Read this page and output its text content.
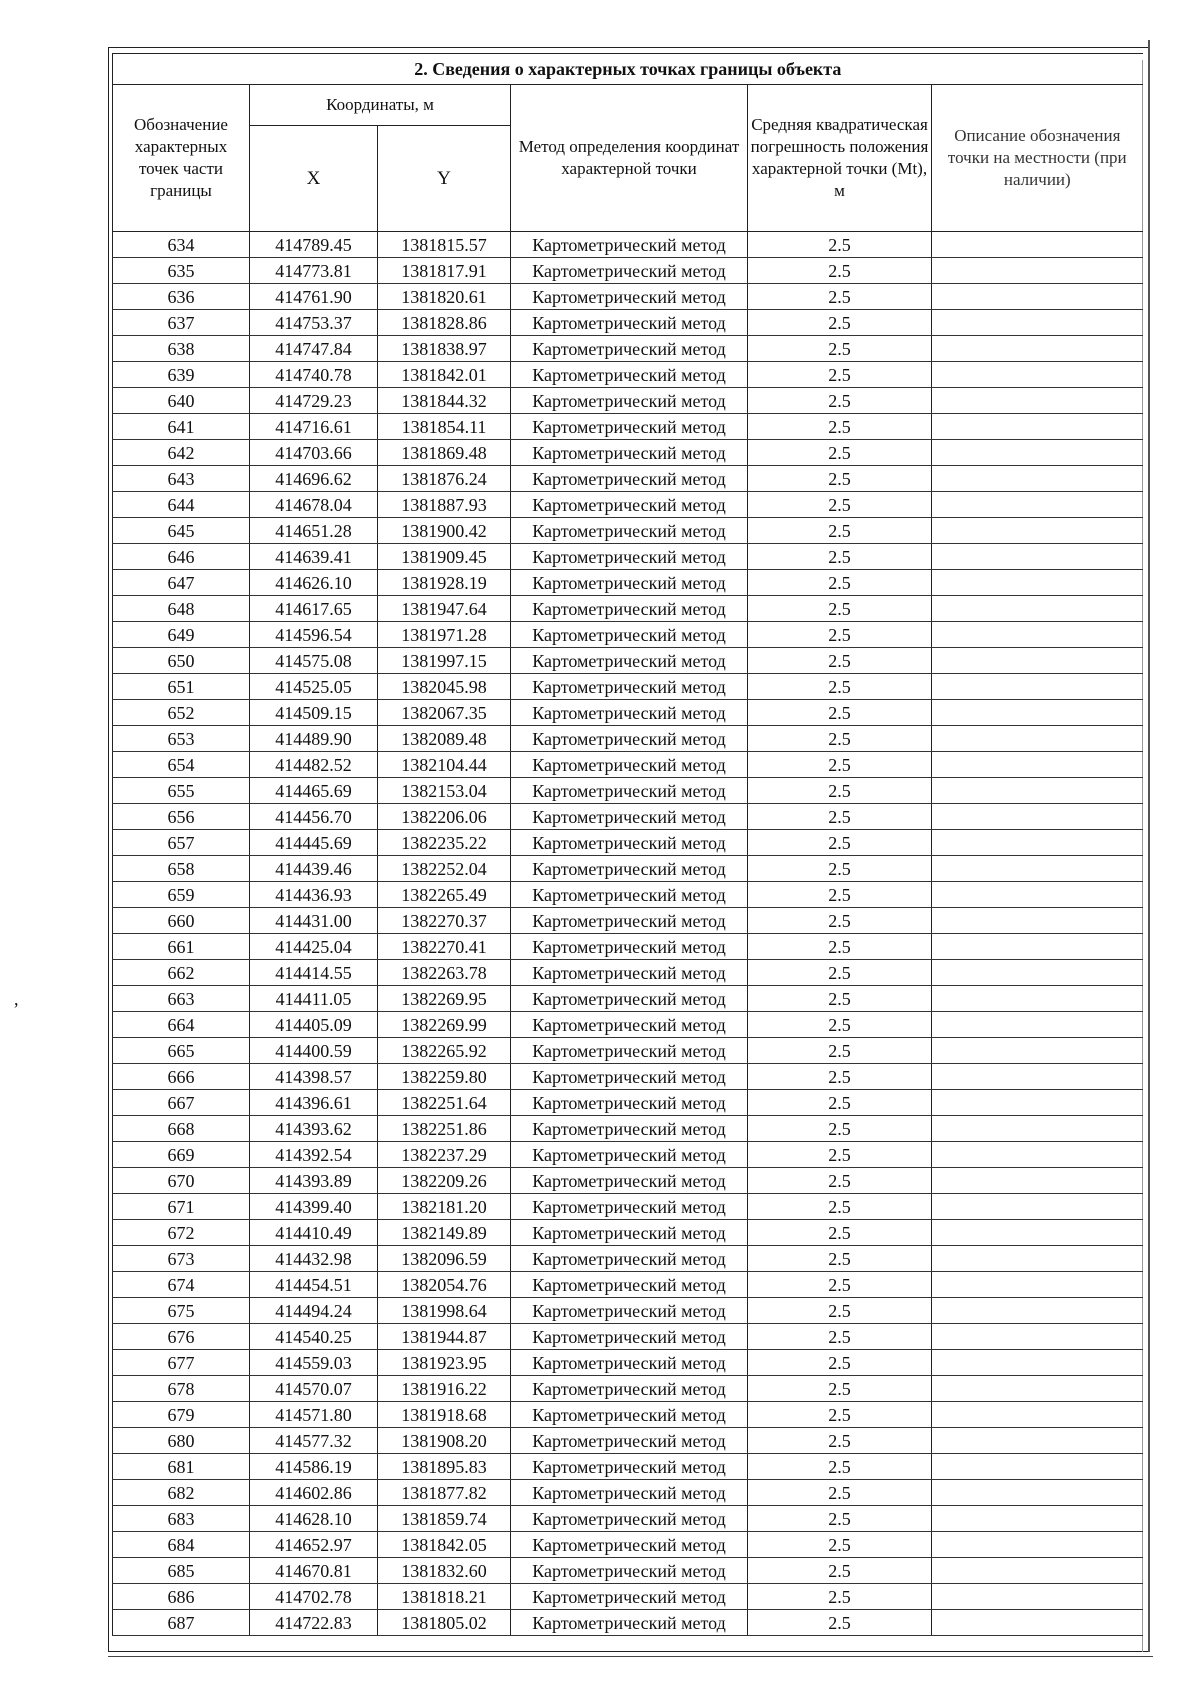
,
2. Сведения о характерных точках границы объекта					
Обозначение характерных точек части границы	Координаты, м		Метод определения координат характерной точки	Средняя квадратическая погрешность положения характерной точки (Mt), м	Описание обозначения точки на местности (при наличии)
	X	Y			
634	414789.45	1381815.57	Картометрический метод	2.5	
635	414773.81	1381817.91	Картометрический метод	2.5	
636	414761.90	1381820.61	Картометрический метод	2.5	
637	414753.37	1381828.86	Картометрический метод	2.5	
638	414747.84	1381838.97	Картометрический метод	2.5	
639	414740.78	1381842.01	Картометрический метод	2.5	
640	414729.23	1381844.32	Картометрический метод	2.5	
641	414716.61	1381854.11	Картометрический метод	2.5	
642	414703.66	1381869.48	Картометрический метод	2.5	
643	414696.62	1381876.24	Картометрический метод	2.5	
644	414678.04	1381887.93	Картометрический метод	2.5	
645	414651.28	1381900.42	Картометрический метод	2.5	
646	414639.41	1381909.45	Картометрический метод	2.5	
647	414626.10	1381928.19	Картометрический метод	2.5	
648	414617.65	1381947.64	Картометрический метод	2.5	
649	414596.54	1381971.28	Картометрический метод	2.5	
650	414575.08	1381997.15	Картометрический метод	2.5	
651	414525.05	1382045.98	Картометрический метод	2.5	
652	414509.15	1382067.35	Картометрический метод	2.5	
653	414489.90	1382089.48	Картометрический метод	2.5	
654	414482.52	1382104.44	Картометрический метод	2.5	
655	414465.69	1382153.04	Картометрический метод	2.5	
656	414456.70	1382206.06	Картометрический метод	2.5	
657	414445.69	1382235.22	Картометрический метод	2.5	
658	414439.46	1382252.04	Картометрический метод	2.5	
659	414436.93	1382265.49	Картометрический метод	2.5	
660	414431.00	1382270.37	Картометрический метод	2.5	
661	414425.04	1382270.41	Картометрический метод	2.5	
662	414414.55	1382263.78	Картометрический метод	2.5	
663	414411.05	1382269.95	Картометрический метод	2.5	
664	414405.09	1382269.99	Картометрический метод	2.5	
665	414400.59	1382265.92	Картометрический метод	2.5	
666	414398.57	1382259.80	Картометрический метод	2.5	
667	414396.61	1382251.64	Картометрический метод	2.5	
668	414393.62	1382251.86	Картометрический метод	2.5	
669	414392.54	1382237.29	Картометрический метод	2.5	
670	414393.89	1382209.26	Картометрический метод	2.5	
671	414399.40	1382181.20	Картометрический метод	2.5	
672	414410.49	1382149.89	Картометрический метод	2.5	
673	414432.98	1382096.59	Картометрический метод	2.5	
674	414454.51	1382054.76	Картометрический метод	2.5	
675	414494.24	1381998.64	Картометрический метод	2.5	
676	414540.25	1381944.87	Картометрический метод	2.5	
677	414559.03	1381923.95	Картометрический метод	2.5	
678	414570.07	1381916.22	Картометрический метод	2.5	
679	414571.80	1381918.68	Картометрический метод	2.5	
680	414577.32	1381908.20	Картометрический метод	2.5	
681	414586.19	1381895.83	Картометрический метод	2.5	
682	414602.86	1381877.82	Картометрический метод	2.5	
683	414628.10	1381859.74	Картометрический метод	2.5	
684	414652.97	1381842.05	Картометрический метод	2.5	
685	414670.81	1381832.60	Картометрический метод	2.5	
686	414702.78	1381818.21	Картометрический метод	2.5	
687	414722.83	1381805.02	Картометрический метод	2.5	
